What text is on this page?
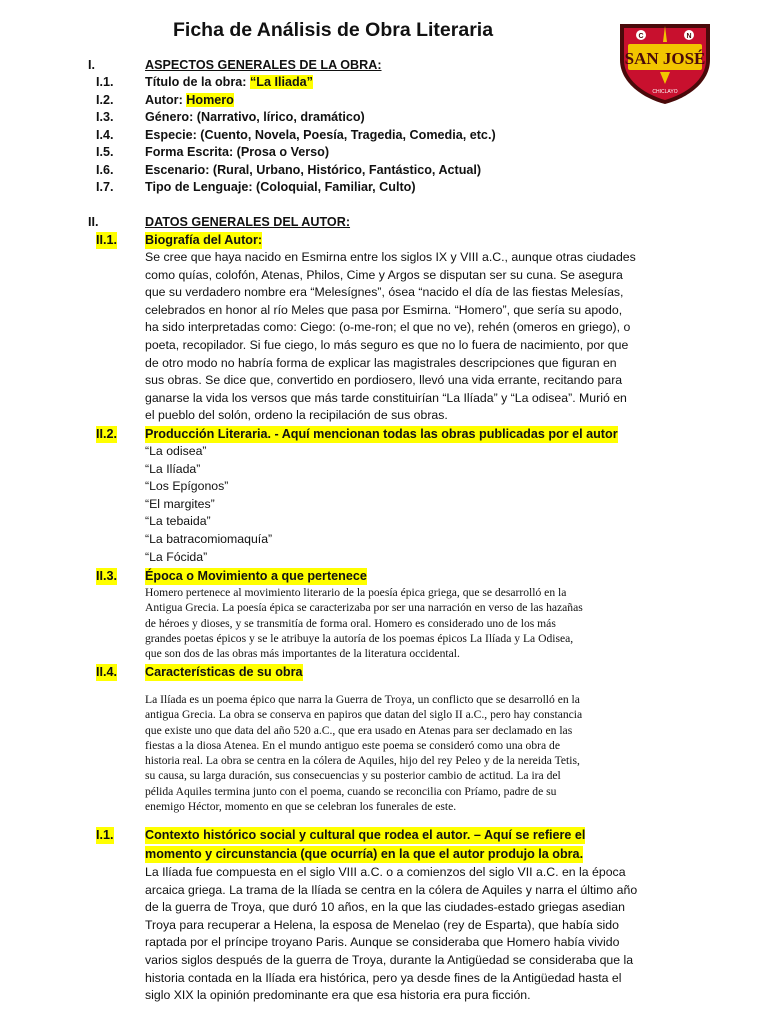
Ficha de Análisis de Obra Literaria
SAN JOSÉ
C	N
CHICLAYO
I.	ASPECTOS GENERALES DE LA OBRA:
I.1. Título de la obra: “La Iliada”
I.2. Autor: Homero
I.3. Género: (Narrativo, lírico, dramático)
I.4. Especie: (Cuento, Novela, Poesía, Tragedia, Comedia, etc.)
I.5. Forma Escrita: (Prosa o Verso)
I.6. Escenario: (Rural, Urbano, Histórico, Fantástico, Actual)
I.7. Tipo de Lenguaje: (Coloquial, Familiar, Culto)
II.	DATOS GENERALES DEL AUTOR:
II.1. Biografía del Autor:
Se cree que haya nacido en Esmirna entre los siglos IX y VIII a.C., aunque otras ciudades
como quías, colofón, Atenas, Philos, Cime y Argos se disputan ser su cuna. Se asegura
que su verdadero nombre era “Melesígnes”, ósea “nacido el día de las fiestas Melesías,
celebrados en honor al río Meles que pasa por Esmirna. “Homero”, que sería su apodo,
ha sido interpretadas como: Ciego: (o-me-ron; el que no ve), rehén (omeros en griego), o
poeta, recopilador. Si fue ciego, lo más seguro es que no lo fuera de nacimiento, por que
de otro modo no habría forma de explicar las magistrales descripciones que figuran en
sus obras. Se dice que, convertido en pordiosero, llevó una vida errante, recitando para
ganarse la vida los versos que más tarde constituirían “La Ilíada” y “La odisea”. Murió en
el pueblo del solón, ordeno la recipilación de sus obras.
II.2. Producción Literaria. - Aquí mencionan todas las obras publicadas por el autor
“La odisea”
“La Ilíada”
“Los Epígonos”
“El margites”
“La tebaida”
“La batracomiomaquía”
“La Fócida”
II.3. Época o Movimiento a que pertenece
Homero pertenece al movimiento literario de la poesía épica griega, que se desarrolló en la
Antigua Grecia. La poesía épica se caracterizaba por ser una narración en verso de las hazañas
de héroes y dioses, y se transmitía de forma oral. Homero es considerado uno de los más
grandes poetas épicos y se le atribuye la autoría de los poemas épicos La Ilíada y La Odisea,
que son dos de las obras más importantes de la literatura occidental.
II.4. Características de su obra
La Ilíada es un poema épico que narra la Guerra de Troya, un conflicto que se desarrolló en la
antigua Grecia. La obra se conserva en papiros que datan del siglo II a.C., pero hay constancia
que existe uno que data del año 520 a.C., que era usado en Atenas para ser declamado en las
fiestas a la diosa Atenea. En el mundo antiguo este poema se consideró como una obra de
historia real. La obra se centra en la cólera de Aquiles, hijo del rey Peleo y de la nereida Tetis,
su causa, su larga duración, sus consecuencias y su posterior cambio de actitud. La ira del
pélida Aquiles termina junto con el poema, cuando se reconcilia con Príamo, padre de su
enemigo Héctor, momento en que se celebran los funerales de este.
I.1. Contexto histórico social y cultural que rodea el autor. – Aquí se refiere el
momento y circunstancia (que ocurría) en la que el autor produjo la obra.
La Ilíada fue compuesta en el siglo VIII a.C. o a comienzos del siglo VII a.C. en la época
arcaica griega. La trama de la Ilíada se centra en la cólera de Aquiles y narra el último año
de la guerra de Troya, que duró 10 años, en la que las ciudades-estado griegas asedian
Troya para recuperar a Helena, la esposa de Menelao (rey de Esparta), que había sido
raptada por el príncipe troyano Paris. Aunque se consideraba que Homero había vivido
varios siglos después de la guerra de Troya, durante la Antigüedad se consideraba que la
historia contada en la Ilíada era histórica, pero ya desde fines de la Antigüedad hasta el
siglo XIX la opinión predominante era que esa historia era pura ficción.
